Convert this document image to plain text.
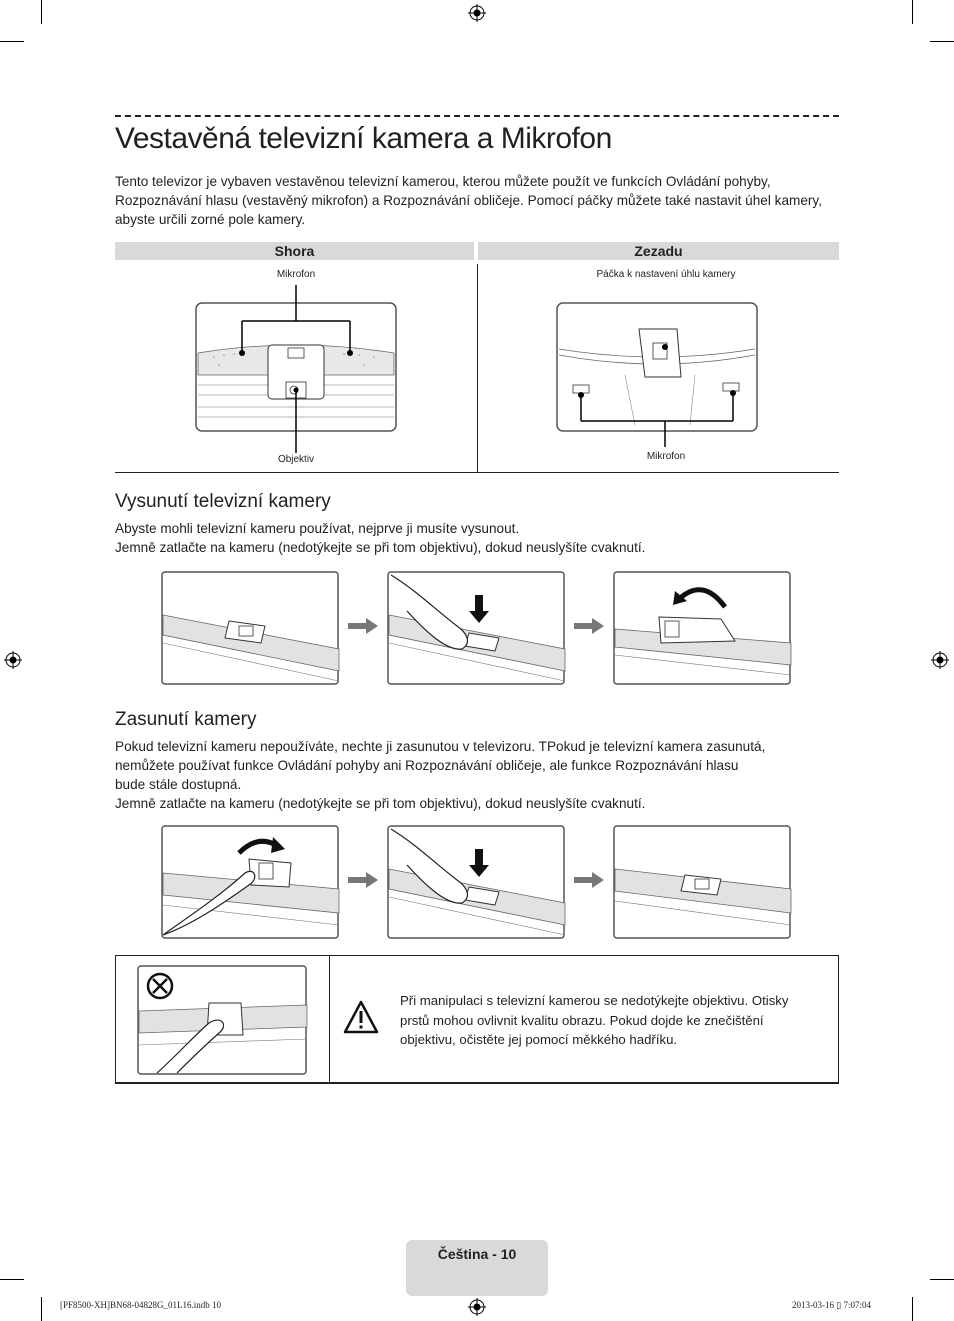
Vestavěná televizní kamera a Mikrofon
Tento televizor je vybaven vestavěnou televizní kamerou, kterou můžete použít ve funkcích Ovládání pohyby,
Rozpoznávání hlasu (vestavěný mikrofon) a Rozpoznávání obličeje. Pomocí páčky můžete také nastavit úhel kamery,
abyste určili zorné pole kamery.
Shora	Zezadu
Mikrofon
Objektiv
Páčka k nastavení úhlu kamery
Mikrofon
Vysunutí televizní kamery
Abyste mohli televizní kameru používat, nejprve ji musíte vysunout.
Jemně zatlačte na kameru (nedotýkejte se při tom objektivu), dokud neuslyšíte cvaknutí.
Zasunutí kamery
Pokud televizní kameru nepoužíváte, nechte ji zasunutou v televizoru. TPokud je televizní kamera zasunutá,
nemůžete používat funkce Ovládání pohyby ani Rozpoznávání obličeje, ale funkce Rozpoznávání hlasu
bude stále dostupná.
Jemně zatlačte na kameru (nedotýkejte se při tom objektivu), dokud neuslyšíte cvaknutí.
Při manipulaci s televizní kamerou se nedotýkejte objektivu. Otisky
prstů mohou ovlivnit kvalitu obrazu. Pokud dojde ke znečištění
objektivu, očistěte jej pomocí měkkého hadříku.
Čeština - 10
[PF8500-XH]BN68-04828G_01L16.indb 10	2013-03-16 ▯ 7:07:04
